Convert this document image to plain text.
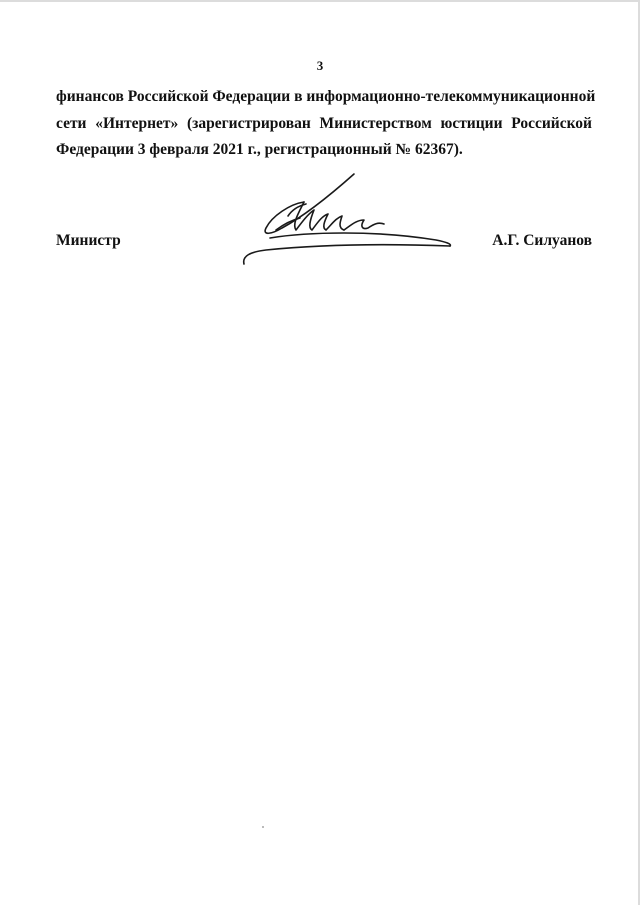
3
финансов Российской Федерации в информационно-телекоммуникационной
сети «Интернет» (зарегистрирован Министерством юстиции Российской
Федерации 3 февраля 2021 г., регистрационный № 62367).
Министр	А.Г. Силуанов
